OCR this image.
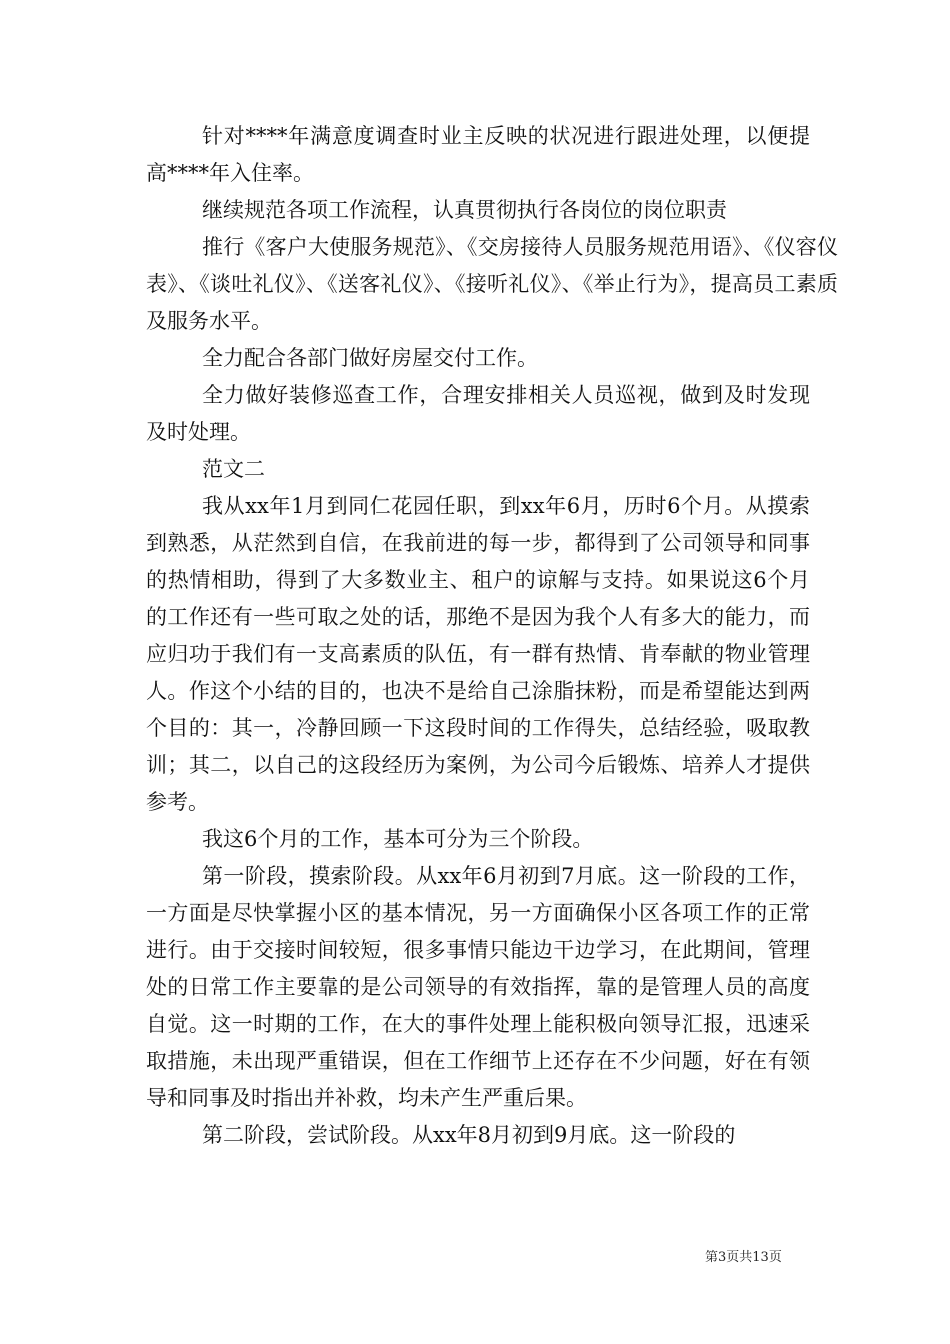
针对****年满意度调查时业主反映的状况进行跟进处理，以便提高****年入住率。

继续规范各项工作流程，认真贯彻执行各岗位的岗位职责

推行《客户大使服务规范》、《交房接待人员服务规范用语》、《仪容仪表》、《谈吐礼仪》、《送客礼仪》、《接听礼仪》、《举止行为》，提高员工素质及服务水平。

全力配合各部门做好房屋交付工作。

全力做好装修巡查工作，合理安排相关人员巡视，做到及时发现及时处理。

范文二

我从xx年1月到同仁花园任职，到xx年6月，历时6个月。从摸索到熟悉，从茫然到自信，在我前进的每一步，都得到了公司领导和同事的热情相助，得到了大多数业主、租户的谅解与支持。如果说这6个月的工作还有一些可取之处的话，那绝不是因为我个人有多大的能力，而应归功于我们有一支高素质的队伍，有一群有热情、肯奉献的物业管理人。作这个小结的目的，也决不是给自己涂脂抹粉，而是希望能达到两个目的：其一，冷静回顾一下这段时间的工作得失，总结经验，吸取教训；其二，以自己的这段经历为案例，为公司今后锻炼、培养人才提供参考。

我这6个月的工作，基本可分为三个阶段。

第一阶段，摸索阶段。从xx年6月初到7月底。这一阶段的工作，一方面是尽快掌握小区的基本情况，另一方面确保小区各项工作的正常进行。由于交接时间较短，很多事情只能边干边学习，在此期间，管理处的日常工作主要靠的是公司领导的有效指挥，靠的是管理人员的高度自觉。这一时期的工作，在大的事件处理上能积极向领导汇报，迅速采取措施，未出现严重错误，但在工作细节上还存在不少问题，好在有领导和同事及时指出并补救，均未产生严重后果。

第二阶段，尝试阶段。从xx年8月初到9月底。这一阶段的

第3页共13页
